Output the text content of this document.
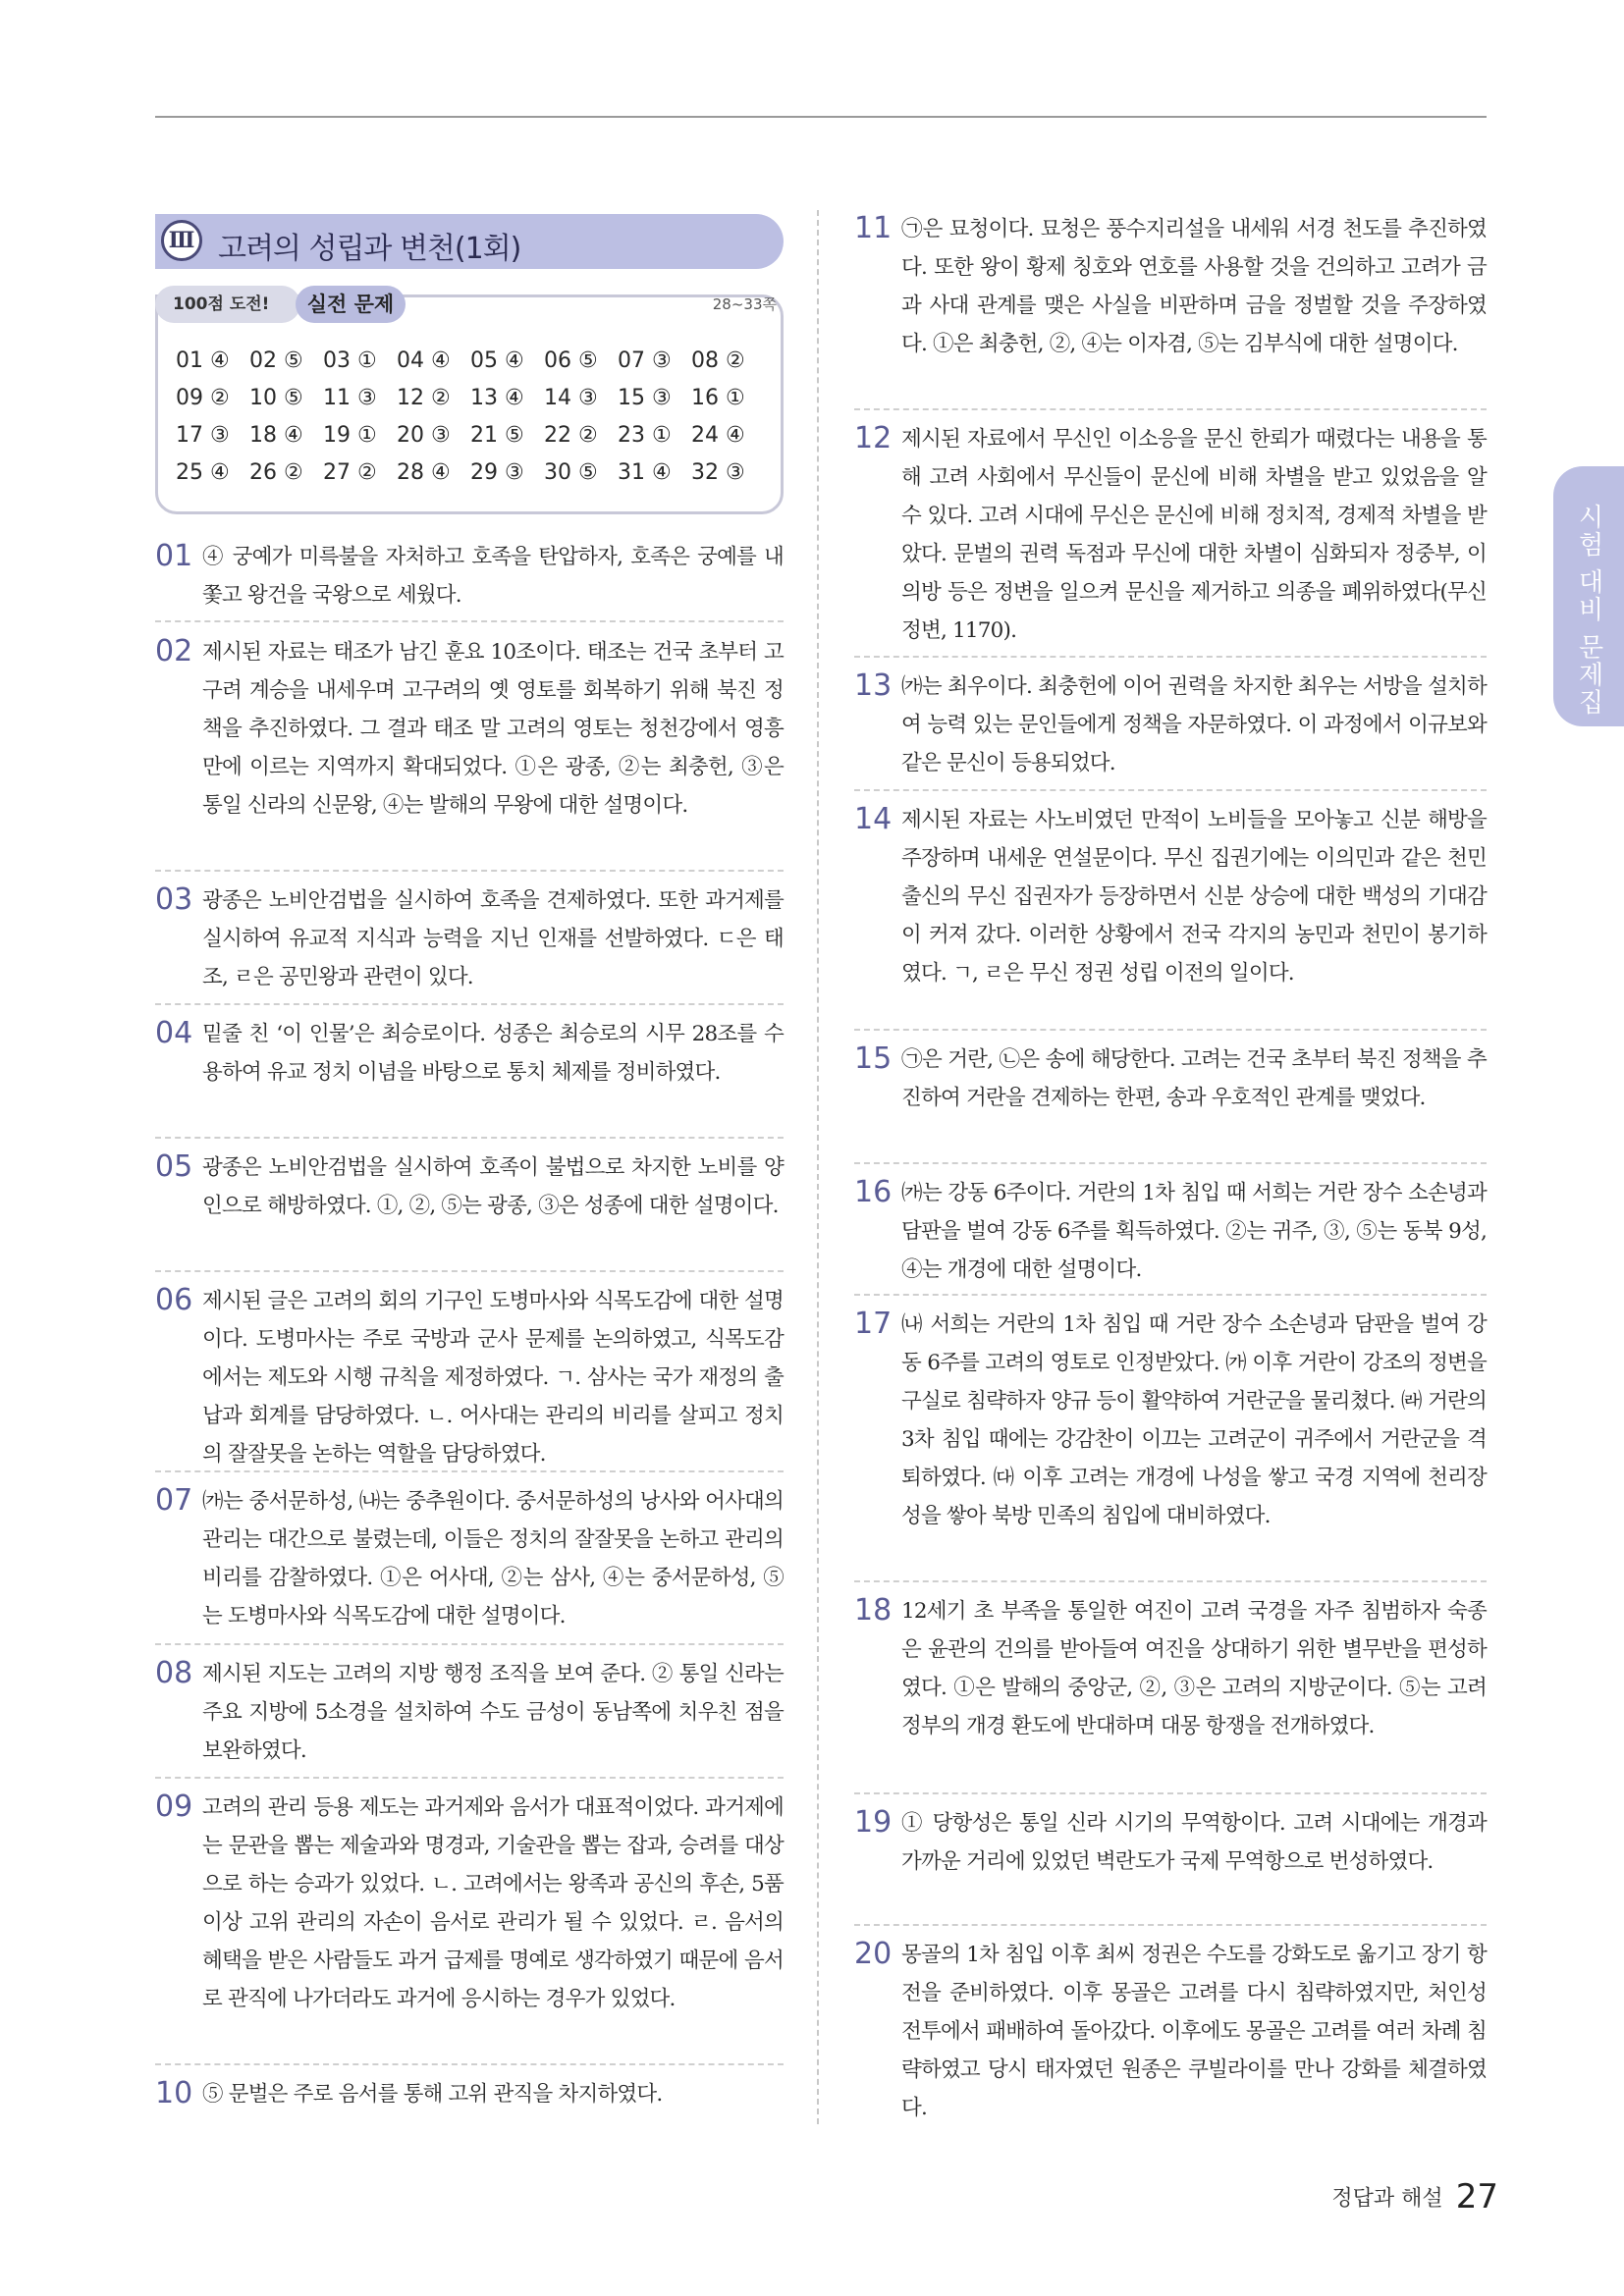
Ⅲ 고려의 성립과 변천(1회)
100점 도전!	실전 문제	28~33쪽
01 ④ 02 ⑤ 03 ① 04 ④ 05 ④ 06 ⑤ 07 ③ 08 ②
09 ② 10 ⑤ 11 ③ 12 ② 13 ④ 14 ③ 15 ③ 16 ①
17 ③ 18 ④ 19 ① 20 ③ 21 ⑤ 22 ② 23 ① 24 ④
25 ④ 26 ② 27 ② 28 ④ 29 ③ 30 ⑤ 31 ④ 32 ③
01 ④ 궁예가 미륵불을 자처하고 호족을 탄압하자, 호족은 궁예를 내쫓고 왕건을 국왕으로 세웠다.
02 제시된 자료는 태조가 남긴 훈요 10조이다. 태조는 건국 초부터 고구려 계승을 내세우며 고구려의 옛 영토를 회복하기 위해 북진 정책을 추진하였다. 그 결과 태조 말 고려의 영토는 청천강에서 영흥만에 이르는 지역까지 확대되었다. ①은 광종, ②는 최충헌, ③은 통일 신라의 신문왕, ④는 발해의 무왕에 대한 설명이다.
03 광종은 노비안검법을 실시하여 호족을 견제하였다. 또한 과거제를 실시하여 유교적 지식과 능력을 지닌 인재를 선발하였다. ㄷ은 태조, ㄹ은 공민왕과 관련이 있다.
04 밑줄 친 ‘이 인물’은 최승로이다. 성종은 최승로의 시무 28조를 수용하여 유교 정치 이념을 바탕으로 통치 체제를 정비하였다.
05 광종은 노비안검법을 실시하여 호족이 불법으로 차지한 노비를 양인으로 해방하였다. ①, ②, ⑤는 광종, ③은 성종에 대한 설명이다.
06 제시된 글은 고려의 회의 기구인 도병마사와 식목도감에 대한 설명이다. 도병마사는 주로 국방과 군사 문제를 논의하였고, 식목도감에서는 제도와 시행 규칙을 제정하였다. ㄱ. 삼사는 국가 재정의 출납과 회계를 담당하였다. ㄴ. 어사대는 관리의 비리를 살피고 정치의 잘잘못을 논하는 역할을 담당하였다.
07 ㈎는 중서문하성, ㈏는 중추원이다. 중서문하성의 낭사와 어사대의 관리는 대간으로 불렸는데, 이들은 정치의 잘잘못을 논하고 관리의 비리를 감찰하였다. ①은 어사대, ②는 삼사, ④는 중서문하성, ⑤는 도병마사와 식목도감에 대한 설명이다.
08 제시된 지도는 고려의 지방 행정 조직을 보여 준다. ② 통일 신라는 주요 지방에 5소경을 설치하여 수도 금성이 동남쪽에 치우친 점을 보완하였다.
09 고려의 관리 등용 제도는 과거제와 음서가 대표적이었다. 과거제에는 문관을 뽑는 제술과와 명경과, 기술관을 뽑는 잡과, 승려를 대상으로 하는 승과가 있었다. ㄴ. 고려에서는 왕족과 공신의 후손, 5품 이상 고위 관리의 자손이 음서로 관리가 될 수 있었다. ㄹ. 음서의 혜택을 받은 사람들도 과거 급제를 명예로 생각하였기 때문에 음서로 관직에 나가더라도 과거에 응시하는 경우가 있었다.
10 ⑤ 문벌은 주로 음서를 통해 고위 관직을 차지하였다.
11 ㉠은 묘청이다. 묘청은 풍수지리설을 내세워 서경 천도를 추진하였다. 또한 왕이 황제 칭호와 연호를 사용할 것을 건의하고 고려가 금과 사대 관계를 맺은 사실을 비판하며 금을 정벌할 것을 주장하였다. ①은 최충헌, ②, ④는 이자겸, ⑤는 김부식에 대한 설명이다.
12 제시된 자료에서 무신인 이소응을 문신 한뢰가 때렸다는 내용을 통해 고려 사회에서 무신들이 문신에 비해 차별을 받고 있었음을 알 수 있다. 고려 시대에 무신은 문신에 비해 정치적, 경제적 차별을 받았다. 문벌의 권력 독점과 무신에 대한 차별이 심화되자 정중부, 이의방 등은 정변을 일으켜 문신을 제거하고 의종을 폐위하였다(무신 정변, 1170).
13 ㈎는 최우이다. 최충헌에 이어 권력을 차지한 최우는 서방을 설치하여 능력 있는 문인들에게 정책을 자문하였다. 이 과정에서 이규보와 같은 문신이 등용되었다.
14 제시된 자료는 사노비였던 만적이 노비들을 모아놓고 신분 해방을 주장하며 내세운 연설문이다. 무신 집권기에는 이의민과 같은 천민 출신의 무신 집권자가 등장하면서 신분 상승에 대한 백성의 기대감이 커져 갔다. 이러한 상황에서 전국 각지의 농민과 천민이 봉기하였다. ㄱ, ㄹ은 무신 정권 성립 이전의 일이다.
15 ㉠은 거란, ㉡은 송에 해당한다. 고려는 건국 초부터 북진 정책을 추진하여 거란을 견제하는 한편, 송과 우호적인 관계를 맺었다.
16 ㈎는 강동 6주이다. 거란의 1차 침입 때 서희는 거란 장수 소손녕과 담판을 벌여 강동 6주를 획득하였다. ②는 귀주, ③, ⑤는 동북 9성, ④는 개경에 대한 설명이다.
17 ㈏ 서희는 거란의 1차 침입 때 거란 장수 소손녕과 담판을 벌여 강동 6주를 고려의 영토로 인정받았다. ㈎ 이후 거란이 강조의 정변을 구실로 침략하자 양규 등이 활약하여 거란군을 물리쳤다. ㈑ 거란의 3차 침입 때에는 강감찬이 이끄는 고려군이 귀주에서 거란군을 격퇴하였다. ㈐ 이후 고려는 개경에 나성을 쌓고 국경 지역에 천리장성을 쌓아 북방 민족의 침입에 대비하였다.
18 12세기 초 부족을 통일한 여진이 고려 국경을 자주 침범하자 숙종은 윤관의 건의를 받아들여 여진을 상대하기 위한 별무반을 편성하였다. ①은 발해의 중앙군, ②, ③은 고려의 지방군이다. ⑤는 고려 정부의 개경 환도에 반대하며 대몽 항쟁을 전개하였다.
19 ① 당항성은 통일 신라 시기의 무역항이다. 고려 시대에는 개경과 가까운 거리에 있었던 벽란도가 국제 무역항으로 번성하였다.
20 몽골의 1차 침입 이후 최씨 정권은 수도를 강화도로 옮기고 장기 항전을 준비하였다. 이후 몽골은 고려를 다시 침략하였지만, 처인성 전투에서 패배하여 돌아갔다. 이후에도 몽골은 고려를 여러 차례 침략하였고 당시 태자였던 원종은 쿠빌라이를 만나 강화를 체결하였다.
시험 대비 문제집
정답과 해설 27
